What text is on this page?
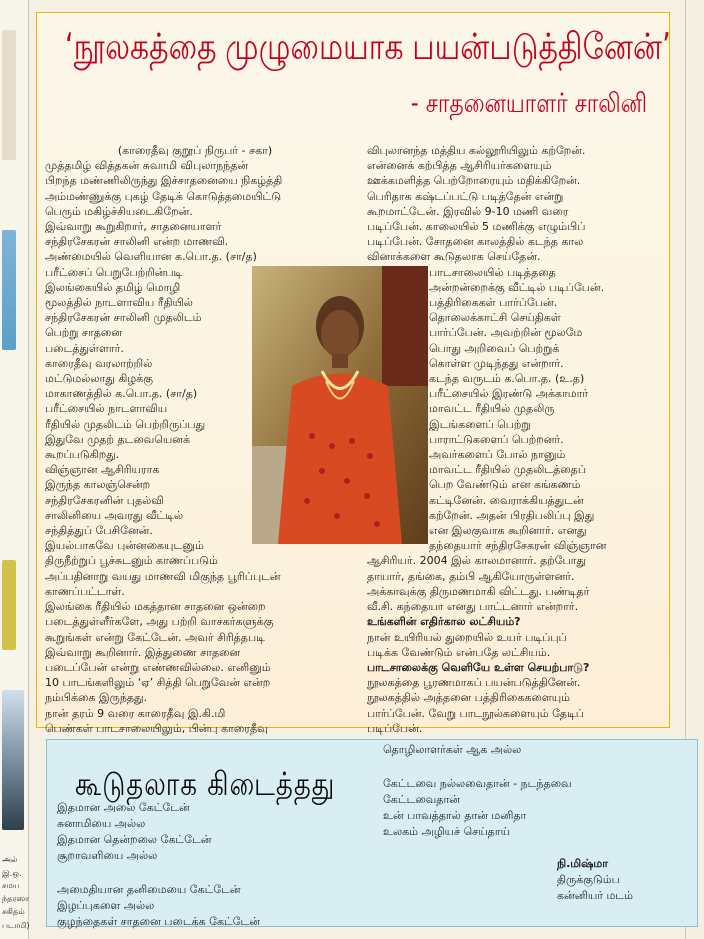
அல்
இ.ஒ.
சமய
ந்தரஸா
சகிதம்
படாமி)
‘நூலகத்தை முழுமையாக பயன்படுத்தினேன்’
- சாதனையாளர் சாலினி

(காரைதீவு குறூப் நிருபர் - சகா)

முத்தமிழ் வித்தகன் சுவாமி விபுலாநந்தன்

பிறந்த மண்ணிலிருந்து இச்சாதனையை நிகழ்த்தி

அம்மண்ணுக்கு புகழ் தேடிக் கொடுத்தமையிட்டு

பெரும் மகிழ்ச்சியடைகிறேன்.

இவ்வாறு கூறுகிறார், சாதனையாளர்

சந்திரசேகரன் சாலினி என்ற மாணவி.

அண்மையில் வெளியான க.பொ.த. (சா/த)

பரீட்சைப் பெறுபேற்றின்படி

இலங்கையில் தமிழ் மொழி

மூலத்தில் நாடளாவிய ரீதியில்

சந்திரசேகரன் சாலினி முதலிடம்

பெற்று சாதனை

படைத்துள்ளார்.

காரைதீவு வரலாற்றில்

மட்டுமல்லாது கிழக்கு

மாகாணத்தில் க.பொ.த. (சா/த)

பரீட்சையில் நாடளாவிய

ரீதியில் முதலிடம் பெற்றிருப்பது

இதுவே முதற் தடவையெனக்

கூறப்படுகிறது.

விஞ்ஞான ஆசிரியராக

இருந்த காலஞ்சென்ற

சந்திரசேகரனின் புதல்வி

சாலினியை அவரது வீட்டில்

சந்தித்துப் பேசினேன்.

இயல்பாகவே புன்னகையுடனும்

திருநீற்றுப் பூச்சுடனும் காணப்படும்

அப்பதினாறு வயது மாணவி மிகுந்த பூரிப்புடன்

காணப்பட்டாள்.

இலங்கை ரீதியில் மகத்தான சாதனை ஒன்றை

படைத்துள்ளீர்களே, அது பற்றி வாசகர்களுக்கு

கூறுங்கள் என்று கேட்டேன். அவர் சிரித்தபடி

இவ்வாறு கூறினார். இத்துணை சாதனை

படைப்பேன் என்று எண்ணவில்லை. எனினும்

10 பாடங்களிலும் ‘ஏ’ சித்தி பெறுவேன் என்ற

நம்பிக்கை இருந்தது.

நான் தரம் 9 வரை காரைதீவு இ.கி.மி

பெண்கள் பாடசாலையிலும், பின்பு காரைதீவு

விபுலானந்த மத்திய கல்லூரியிலும் கற்றேன்.

என்னைக் கற்பித்த ஆசிரியர்களையும்

ஊக்கமளித்த பெற்றோரையும் மதிக்கிறேன்.

பெரிதாக கஷ்டப்பட்டு படித்தேன் என்று

கூறமாட்டேன். இரவில் 9-10 மணி வரை

படிப்பேன். காலையில் 5 மணிக்கு எழும்பிப்

படிப்பேன். சோதனை காலத்தில் கடந்த கால

வினாக்களை கூடுதலாக செய்தேன்.

பாடசாலையில் படித்ததை

அன்றன்றைக்கு வீட்டில் படிப்பேன்.

பத்திரிகைகள் பார்ப்பேன்.

தொலைக்காட்சி செய்திகள்

பார்ப்பேன். அவற்றின் மூலமே

பொது அறிவைப் பெற்றுக்

கொள்ள முடிந்தது என்றார்.

கடந்த வருடம் க.பொ.த. (உ.த)

பரீட்சையில் இரண்டு அக்காமார்

மாவட்ட ரீதியில் முதலிரு

இடங்களைப் பெற்று

பாராட்டுகளைப் பெற்றனர்.

அவர்களைப் போல் நானும்

மாவட்ட ரீதியில் முதலிடத்தைப்

பெற வேண்டும் என கங்கணம்

கட்டினேன். வைராக்கியத்துடன்

கற்றேன். அதன் பிரதிபலிப்பு இது

என இலகுவாக கூறினார். எனது

தந்தையார் சந்திரசேகரன் விஞ்ஞான

ஆசிரியர். 2004 இல் காலமானார். தற்போது

தாயார், தங்கை, தம்பி ஆகியோருள்ளனர்.

அக்காவுக்கு திருமணமாகி விட்டது. பண்டிதர்

வீ.சி. கந்தையா எனது பாட்டனார் என்றார்.

உங்களின் எதிர்கால லட்சியம்?

நான் உயிரியல் துறையில் உயர் படிப்புப்

படிக்க வேண்டும் என்பதே லட்சியம்.

பாடசாலைக்கு வெளியே உள்ள செயற்பாடு?

நூலகத்தை பூரணமாகப் பயன்படுத்தினேன்.

நூலகத்தில் அத்தனை பத்திரிகைகளையும்

பார்ப்பேன். வேறு பாடநூல்களையும் தேடிப்

படிப்பேன்.

கூடுதலாக கிடைத்தது

இதமான அலை கேட்டேன்

சுனாமியை அல்ல

இதமான தென்றலை கேட்டேன்

சூறாவளியை அல்ல

அமைதியான தனிமையை கேட்டேன்

இழப்புகளை அல்ல

குழந்தைகள் சாதனை படைக்க கேட்டேன்

தொழிலாளர்கள் ஆக அல்ல

கேட்டவை நல்லவைதான் - நடந்தவை

கேட்டவைதான்

உன் பாவத்தால் தான் மனிதா

உலகம் அழியச் செய்தாய்

நி.மிஷ்மா

திருக்குடும்ப

கன்னியர் மடம்
